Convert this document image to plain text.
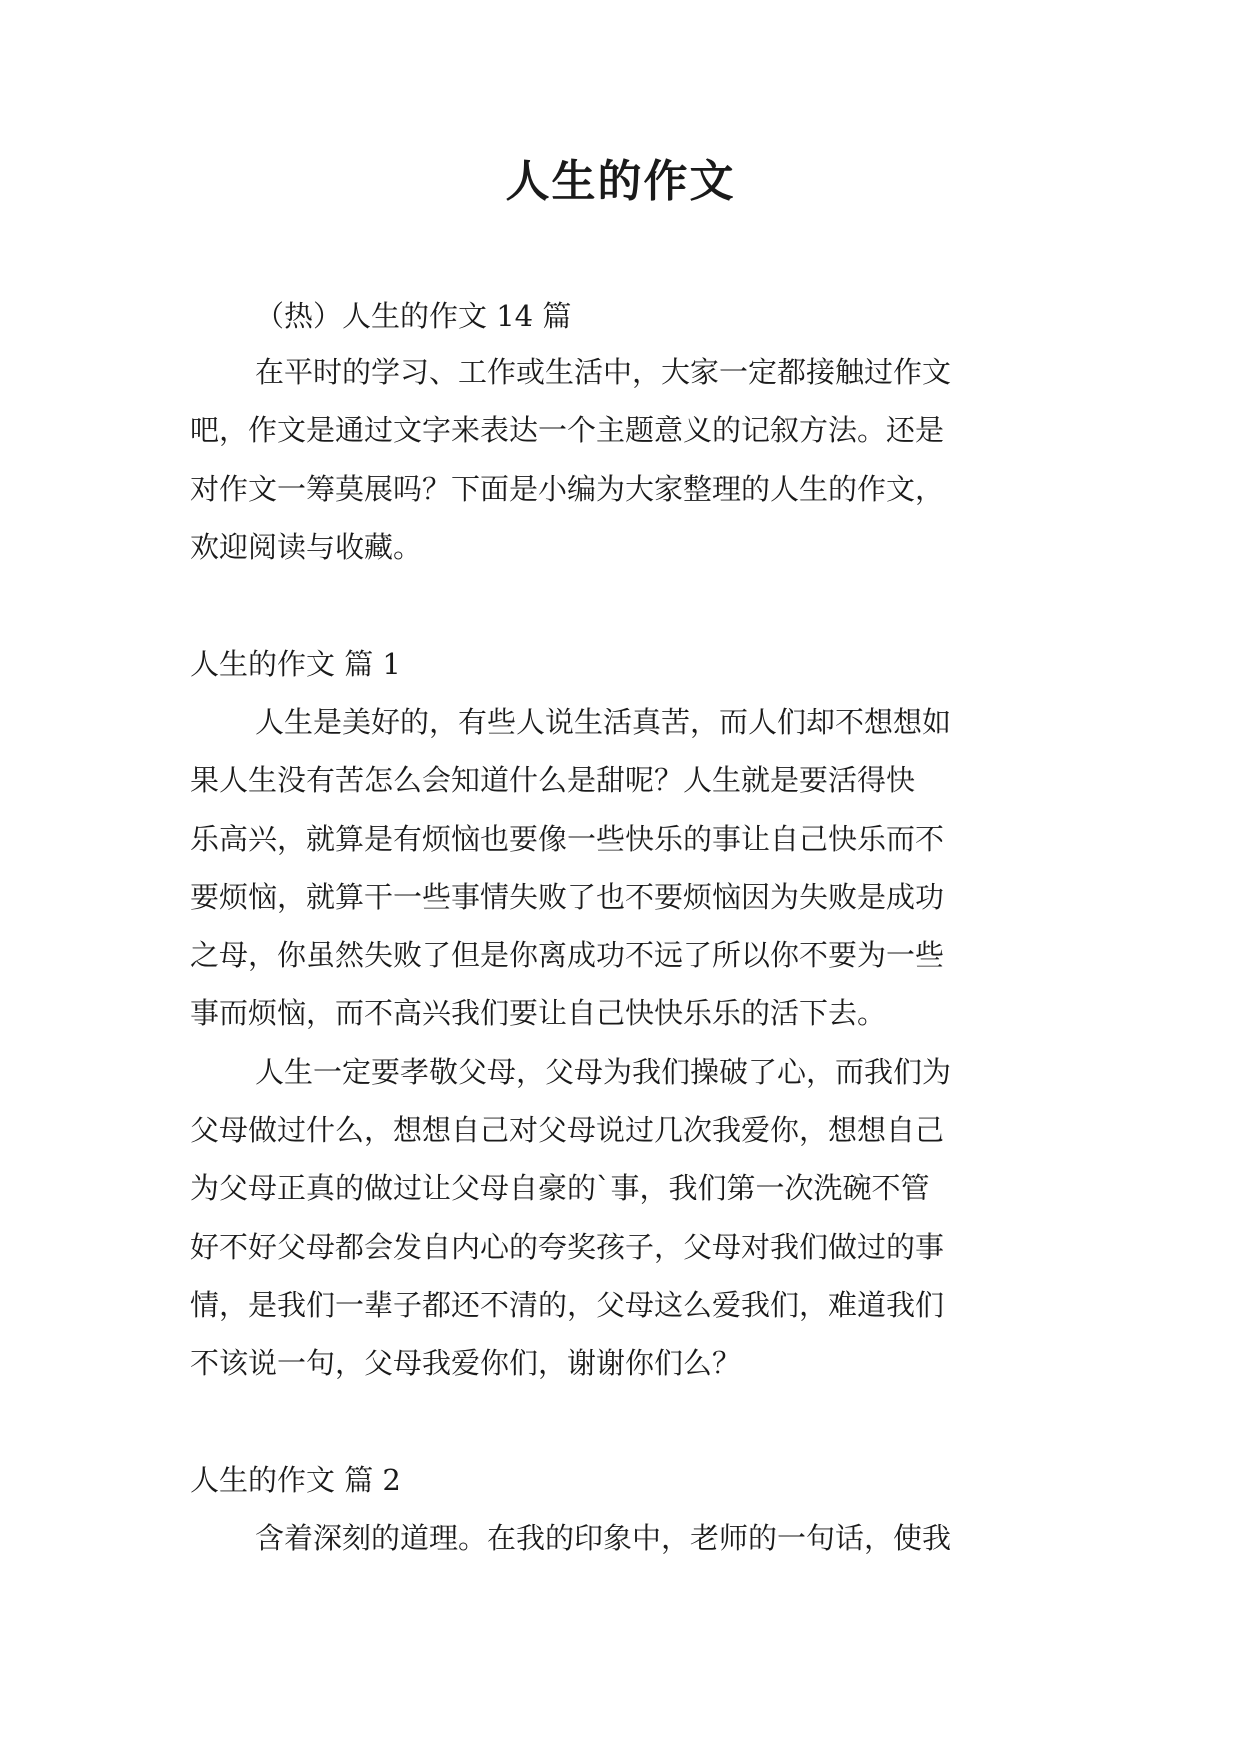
人生的作文

（热）人生的作文 14 篇

在平时的学习、工作或生活中，大家一定都接触过作文

吧，作文是通过文字来表达一个主题意义的记叙方法。还是

对作文一筹莫展吗？下面是小编为大家整理的人生的作文，

欢迎阅读与收藏。

人生的作文 篇 1

人生是美好的，有些人说生活真苦，而人们却不想想如

果人生没有苦怎么会知道什么是甜呢？人生就是要活得快

乐高兴，就算是有烦恼也要像一些快乐的事让自己快乐而不

要烦恼，就算干一些事情失败了也不要烦恼因为失败是成功

之母，你虽然失败了但是你离成功不远了所以你不要为一些

事而烦恼，而不高兴我们要让自己快快乐乐的活下去。

人生一定要孝敬父母，父母为我们操破了心，而我们为

父母做过什么，想想自己对父母说过几次我爱你，想想自己

为父母正真的做过让父母自豪的`事，我们第一次洗碗不管

好不好父母都会发自内心的夸奖孩子，父母对我们做过的事

情，是我们一辈子都还不清的，父母这么爱我们，难道我们

不该说一句，父母我爱你们，谢谢你们么？

人生的作文 篇 2

含着深刻的道理。在我的印象中，老师的一句话，使我
